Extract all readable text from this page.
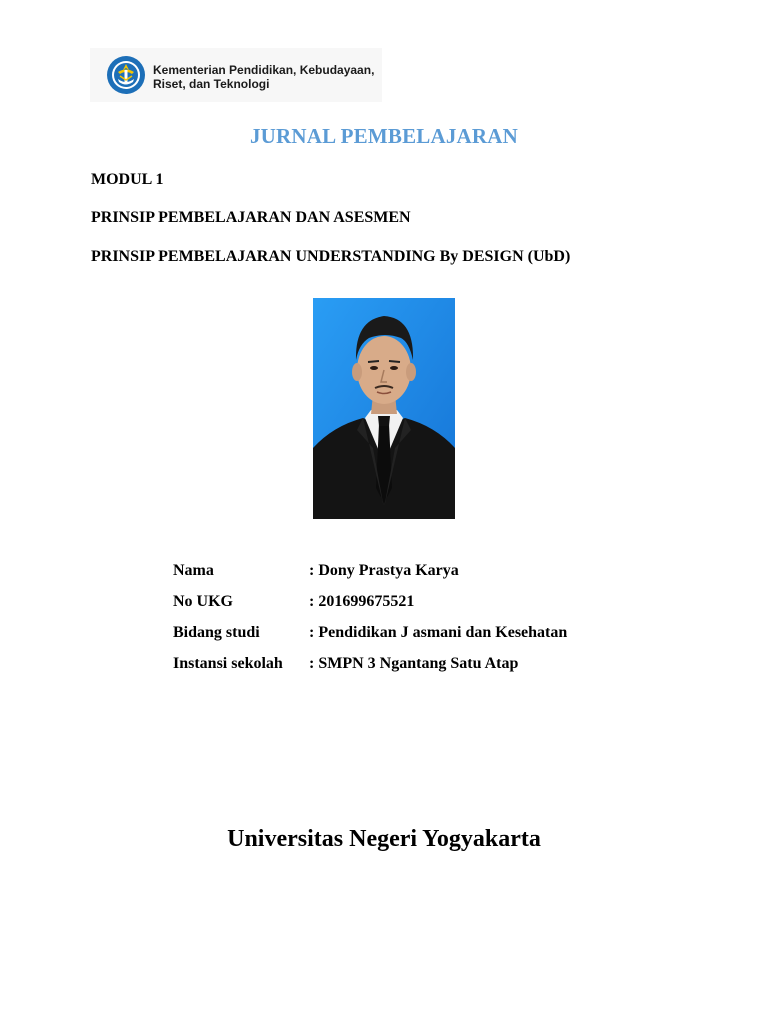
Kementerian Pendidikan, Kebudayaan,
Riset, dan Teknologi
JURNAL PEMBELAJARAN
MODUL 1
PRINSIP PEMBELAJARAN DAN ASESMEN
PRINSIP PEMBELAJARAN UNDERSTANDING By DESIGN (UbD)
Nama	: Dony Prastya Karya
No UKG	: 201699675521
Bidang studi	: Pendidikan J asmani dan Kesehatan
Instansi sekolah : SMPN 3 Ngantang Satu Atap
Universitas Negeri Yogyakarta
